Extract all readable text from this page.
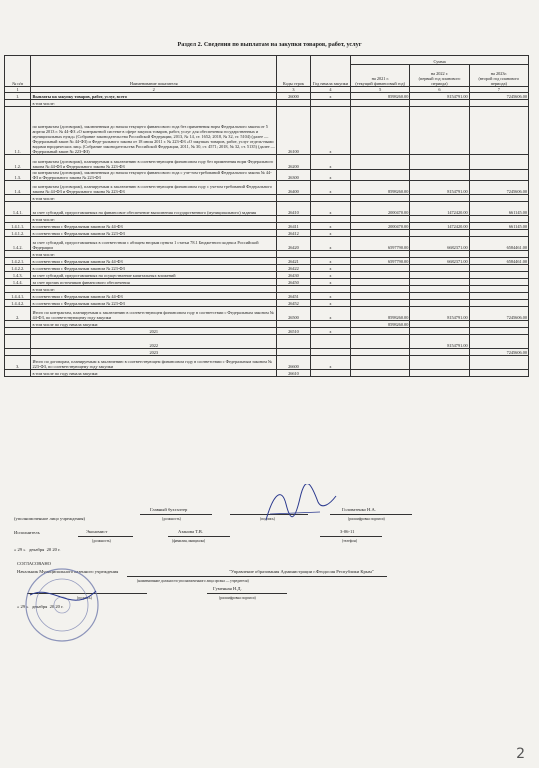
Раздел 2. Сведения по выплатам на закупки товаров, работ, услуг
№ п/п	Наименование показателя	Коды строк	Год начала закупки	Сумма		
				на 2021 г.
(текущий финансовый год)	на 2022 г.
(первый год планового периода)	на 2023г.
(второй год планового периода)
1	2	3	4	5	6	7
1.	Выплаты на закупку товаров, работ, услуг, всего	26000	x	8598260.00	8154791.00	7245606.00
	в том числе:					
1.1.	по контрактам (договорам), заключенным до начала текущего финансового года без применения норм Федерального закона от 5 апреля 2013 г. № 44-ФЗ «О контрактной системе в сфере закупок товаров, работ, услуг для обеспечения государственных и муниципальных нужд» (Собрание законодательства Российской Федерации, 2013, № 14, ст. 1652; 2018, № 32, ст. 5104) (далее — Федеральный закон № 44-ФЗ) и Феде-рального закона от 18 июля 2011 г. № 223-ФЗ «О закупках товаров, работ, услуг отдель-ными видами юридических лиц» (Собрание законодательства Российской Федерации, 2011, № 30, ст. 4571; 2018, № 32, ст. 5135) (далее — Федеральный закон № 223-ФЗ)	26100	x			
1.2.	по контрактам (договорам), планируемым к заключению в соответствующем финансовом году без применения норм Федерального закона № 44-ФЗ и Федерального закона № 223-ФЗ	26200	x			
1.3.	по контрактам (договорам), заключенным до начала текущего финансового года с уче-том требований Федерального закона № 44-ФЗ и Федерального закона № 223-ФЗ	26300	x			
1.4.	по контрактам (договорам), планируемым к заключению в соответствующем финансовом году с учетом требований Федерального закона № 44-ФЗ и Федерального закона № 223-ФЗ	26400	x	8598260.00	8154791.00	7245606.00
	в том числе:					
1.4.1.	за счет субсидий, предоставляемых на финансовое обеспечение выполнения государственного (муниципального) задания	26410	x	2000470.00	1472420.00	661145.00
	в том числе:					
1.4.1.1.	в соответствии с Федеральным законом № 44-ФЗ	26411	x	2000470.00	1472420.00	661145.00
1.4.1.2.	в соответствии с Федеральным законом № 223-ФЗ	26412	x			
1.4.2.	за счет субсидий, предоставляемых в соответствии с абзацем вторым пункта 1 статьи 78.1 Бюджетного кодекса Российской Федерации	26420	x	6597790.00	6682371.00	6584461.00
	в том числе:					
1.4.2.1.	в соответствии с Федеральным законом № 44-ФЗ	26421	x	6597790.00	6682371.00	6584461.00
1.4.2.2.	в соответствии с Федеральным законом № 223-ФЗ	26422	x			
1.4.3.	за счет субсидий, предоставляемых на осуществление капитальных вложений	26430	x			
1.4.4.	за счет прочих источников финансового обеспечения	26450	x			
	в том числе:					
1.4.4.1.	в соответствии с Федеральным законом № 44-ФЗ	26451	x			
1.4.4.2.	в соответствии с Федеральным законом № 223-ФЗ	26452	x			
2.	Итого по контрактам, планируемым к заключению в соответствующем финансовом году в соответствии с Федеральным законом № 44-ФЗ, по соответствующему году закупки	26500	x	8598260.00	8154791.00	7245606.00
	в том числе по году начала закупки:			8598260.00		
	2021	26510	x			
	2022				8154791.00	
	2023					7245606.00
3.	Итого по договорам, планируемым к заключению в соответствующем финансовом году в соответствии с Федеральным законом № 223-ФЗ, по соответствующему году закупки	26600	x			
	в том числе по году начала закупки:	26610				
(уполномоченное лицо учреждения)
Главный бухгалтер
(должность)	(подпись)
Головатенко Н.А.
(расшифровка подписи)
Исполнитель	Экономист
(должность)
Азанова Т.В.
(фамилия, инициалы)
3-06-11
(телефон)
« 29 »   декабря 20 20 г.
СОГЛАСОВАНО
Начальник Муниципального казенного учреждения	"Управление образования Администрации г.Феодосия Республики Крым"
(наименование должности уполномоченного лица органа — учредителя)
(подпись)
Гуменная Н.Д.
(расшифровка подписи)
« 29 »   декабря 20 20 г.
2
